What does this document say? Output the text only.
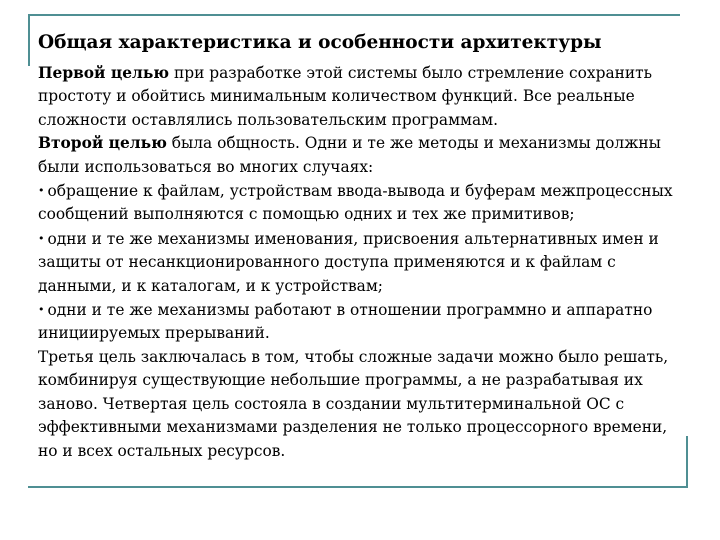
Общая характеристика и особенности архитектуры

Первой целью при разработке этой системы было стремление сохранить простоту и обойтись минимальным количеством функций. Все реальные сложности оставлялись пользовательским программам.

Второй целью была общность. Одни и те же методы и механизмы должны были использоваться во многих случаях:

• обращение к файлам, устройствам ввода-вывода и буферам межпроцессных сообщений выполняются с помощью одних и тех же примитивов;

• одни и те же механизмы именования, присвоения альтернативных имен и защиты от несанкционированного доступа применяются и к файлам с данными, и к каталогам, и к устройствам;

• одни и те же механизмы работают в отношении программно и аппаратно инициируемых прерываний.

Третья цель заключалась в том, чтобы сложные задачи можно было решать, комбинируя существующие небольшие программы, а не разрабатывая их заново. Четвертая цель состояла в создании мультитерминальной ОС с эффективными механизмами разделения не только процессорного времени, но и всех остальных ресурсов.
